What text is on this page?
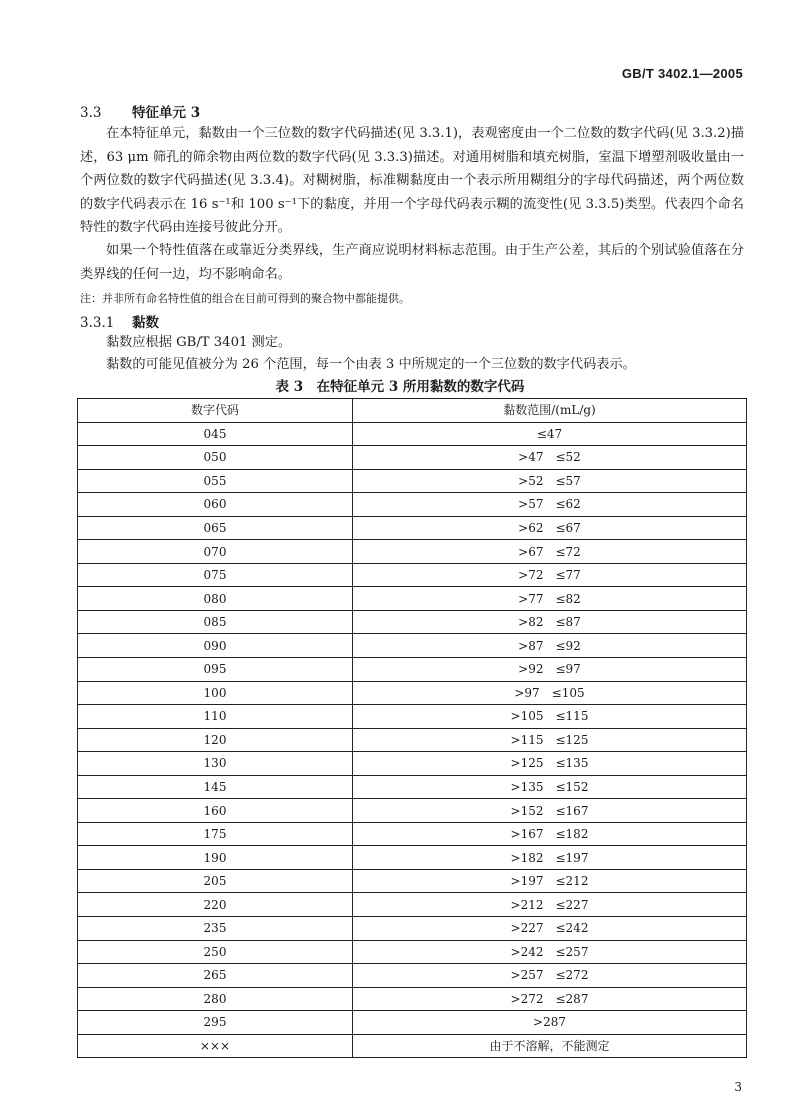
GB/T 3402.1—2005
3.3 特征单元 3

在本特征单元，黏数由一个三位数的数字代码描述(见 3.3.1)，表观密度由一个二位数的数字代码(见 3.3.2)描述，63 μm 筛孔的筛余物由两位数的数字代码(见 3.3.3)描述。对通用树脂和填充树脂，室温下增塑剂吸收量由一个两位数的数字代码描述(见 3.3.4)。对糊树脂，标准糊黏度由一个表示所用糊组分的字母代码描述，两个两位数的数字代码表示在 16 s⁻¹和 100 s⁻¹下的黏度，并用一个字母代码表示糊的流变性(见 3.3.5)类型。代表四个命名特性的数字代码由连接号彼此分开。

如果一个特性值落在或靠近分类界线，生产商应说明材料标志范围。由于生产公差，其后的个别试验值落在分类界线的任何一边，均不影响命名。

注：并非所有命名特性值的组合在目前可得到的聚合物中都能提供。
3.3.1 黏数

黏数应根据 GB/T 3401 测定。

黏数的可能见值被分为 26 个范围，每一个由表 3 中所规定的一个三位数的数字代码表示。

表 3　在特征单元 3 所用黏数的数字代码
数字代码	黏数范围/(mL/g)
045	≤47
050	>47　≤52
055	>52　≤57
060	>57　≤62
065	>62　≤67
070	>67　≤72
075	>72　≤77
080	>77　≤82
085	>82　≤87
090	>87　≤92
095	>92　≤97
100	>97　≤105
110	>105　≤115
120	>115　≤125
130	>125　≤135
145	>135　≤152
160	>152　≤167
175	>167　≤182
190	>182　≤197
205	>197　≤212
220	>212　≤227
235	>227　≤242
250	>242　≤257
265	>257　≤272
280	>272　≤287
295	>287
×××	由于不溶解，不能测定
3
